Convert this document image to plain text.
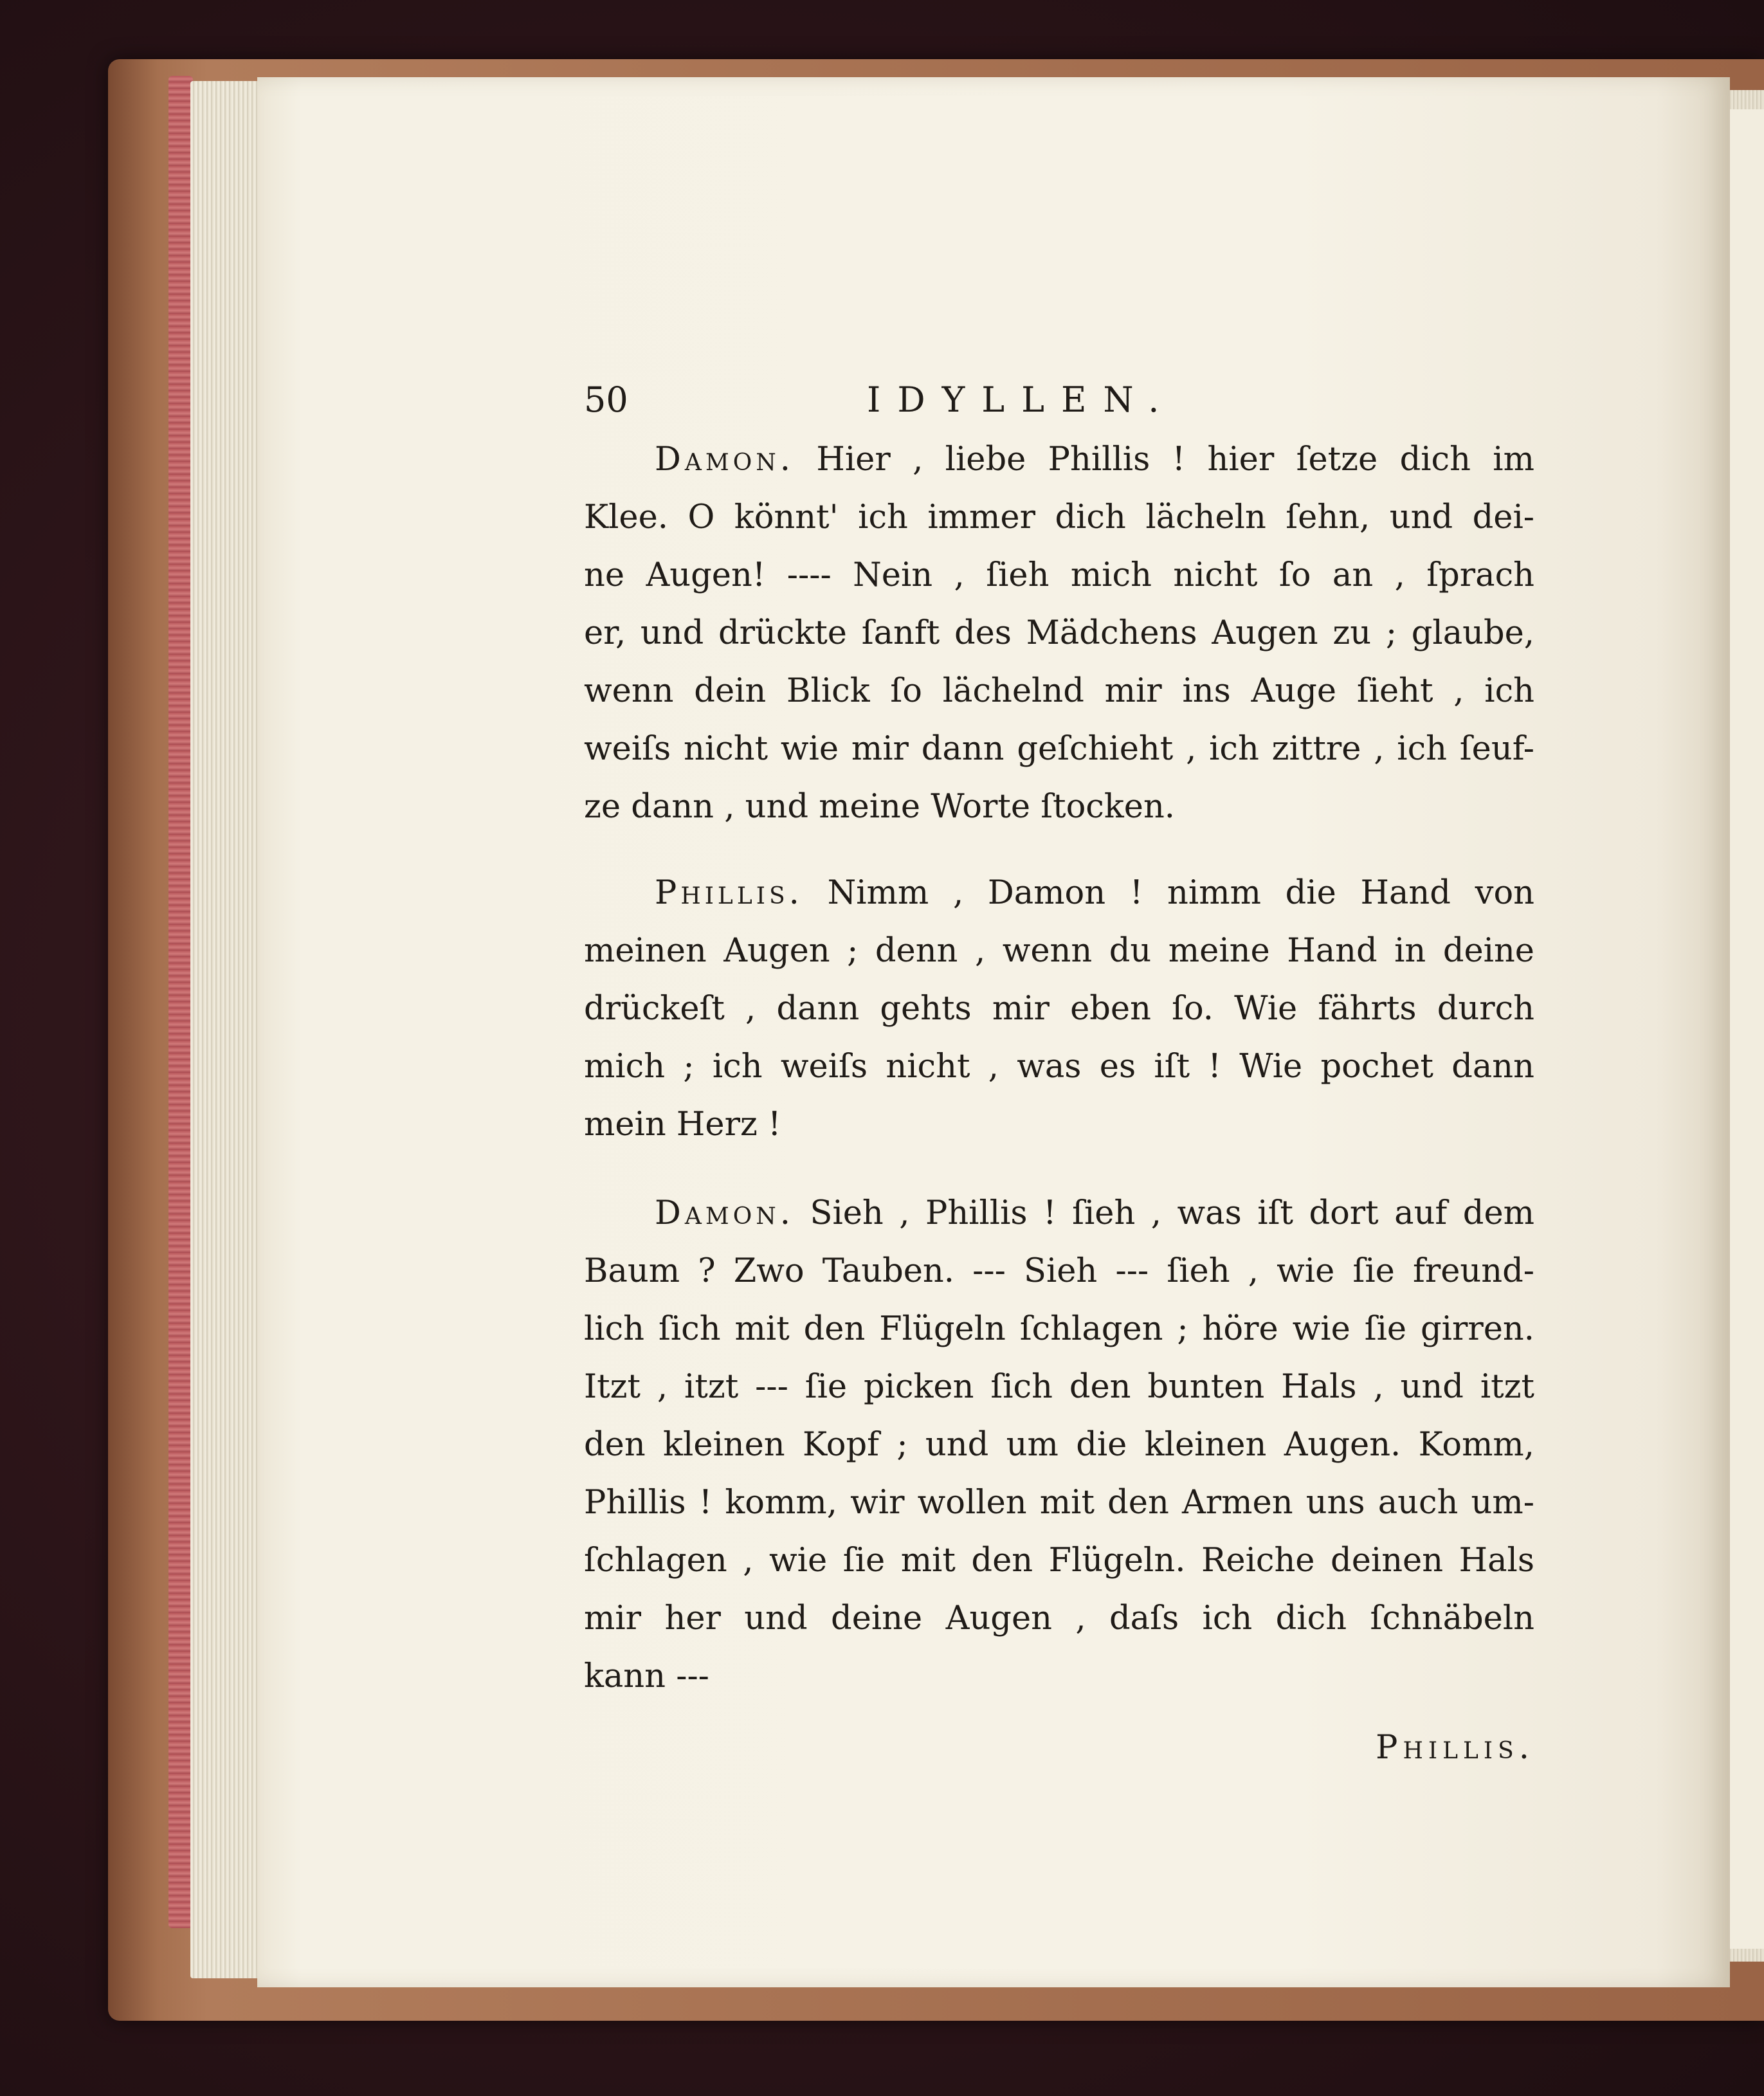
50	IDYLLEN.

Damon. Hier , liebe Phillis ! hier ſetze dich im
Klee. O könnt' ich immer dich lächeln ſehn, und dei-
ne Augen! ---- Nein , ſieh mich nicht ſo an , ſprach
er, und drückte ſanft des Mädchens Augen zu ; glaube,
wenn dein Blick ſo lächelnd mir ins Auge ſieht , ich
weiſs nicht wie mir dann geſchieht , ich zittre , ich ſeuf-
ze dann , und meine Worte ſtocken.

Phillis. Nimm , Damon ! nimm die Hand von
meinen Augen ; denn , wenn du meine Hand in deine
drückeſt , dann gehts mir eben ſo. Wie fährts durch
mich ; ich weiſs nicht , was es iſt ! Wie pochet dann
mein Herz !

Damon. Sieh , Phillis ! ſieh , was iſt dort auf dem
Baum ? Zwo Tauben. --- Sieh --- ſieh , wie ſie freund-
lich ſich mit den Flügeln ſchlagen ; höre wie ſie girren.
Itzt , itzt --- ſie picken ſich den bunten Hals , und itzt
den kleinen Kopf ; und um die kleinen Augen. Komm,
Phillis ! komm, wir wollen mit den Armen uns auch um-
ſchlagen , wie ſie mit den Flügeln. Reiche deinen Hals
mir her und deine Augen , daſs ich dich ſchnäbeln
kann ---

Phillis.
